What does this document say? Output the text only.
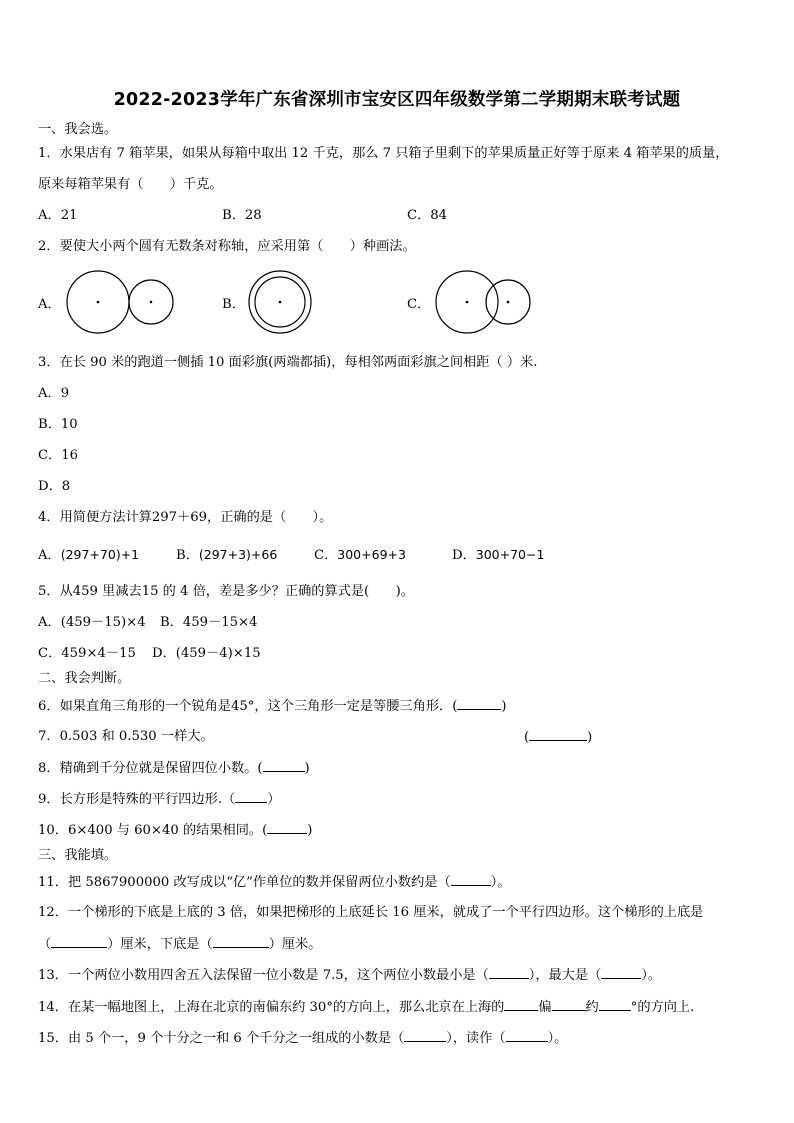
2022-2023学年广东省深圳市宝安区四年级数学第二学期期末联考试题
一、我会选。
1．水果店有 7 箱苹果，如果从每箱中取出 12 千克，那么 7 只箱子里剩下的苹果质量正好等于原来 4 箱苹果的质量，
原来每箱苹果有（　　）千克。
A．21	B．28	C．84
2．要使大小两个圆有无数条对称轴，应采用第（　　）种画法。
A．	B．	C．
3．在长 90 米的跑道一侧插 10 面彩旗(两端都插)，每相邻两面彩旗之间相距（ ）米.
A．9
B．10
C．16
D．8
4．用简便方法计算297＋69，正确的是（　　）。
A．(297+70)+1	B．(297+3)+66	C．300+69+3	D．300+70−1
5．从459 里减去15 的 4 倍，差是多少？正确的算式是(　　)。
A．(459－15)×4 B．459－15×4
C．459×4－15 D．(459－4)×15
二、我会判断。
6．如果直角三角形的一个锐角是45°，这个三角形一定是等腰三角形．(	)
7．0.503 和 0.530 一样大。	(	)
8．精确到千分位就是保留四位小数。(	)
9．长方形是特殊的平行四边形.（ ）
10．6×400 与 60×40 的结果相同。(	)
三、我能填。
11．把 5867900000 改写成以“亿”作单位的数并保留两位小数约是（	）。
12．一个梯形的下底是上底的 3 倍，如果把梯形的上底延长 16 厘米，就成了一个平行四边形。这个梯形的上底是
（	）厘米，下底是（	）厘米。
13．一个两位小数用四舍五入法保留一位小数是 7.5，这个两位小数最小是（	），最大是（	）。
14．在某一幅地图上，上海在北京的南偏东约 30°的方向上，那么北京在上海的	偏	约 °的方向上.
15．由 5 个一，9 个十分之一和 6 个千分之一组成的小数是（	），读作（	）。
